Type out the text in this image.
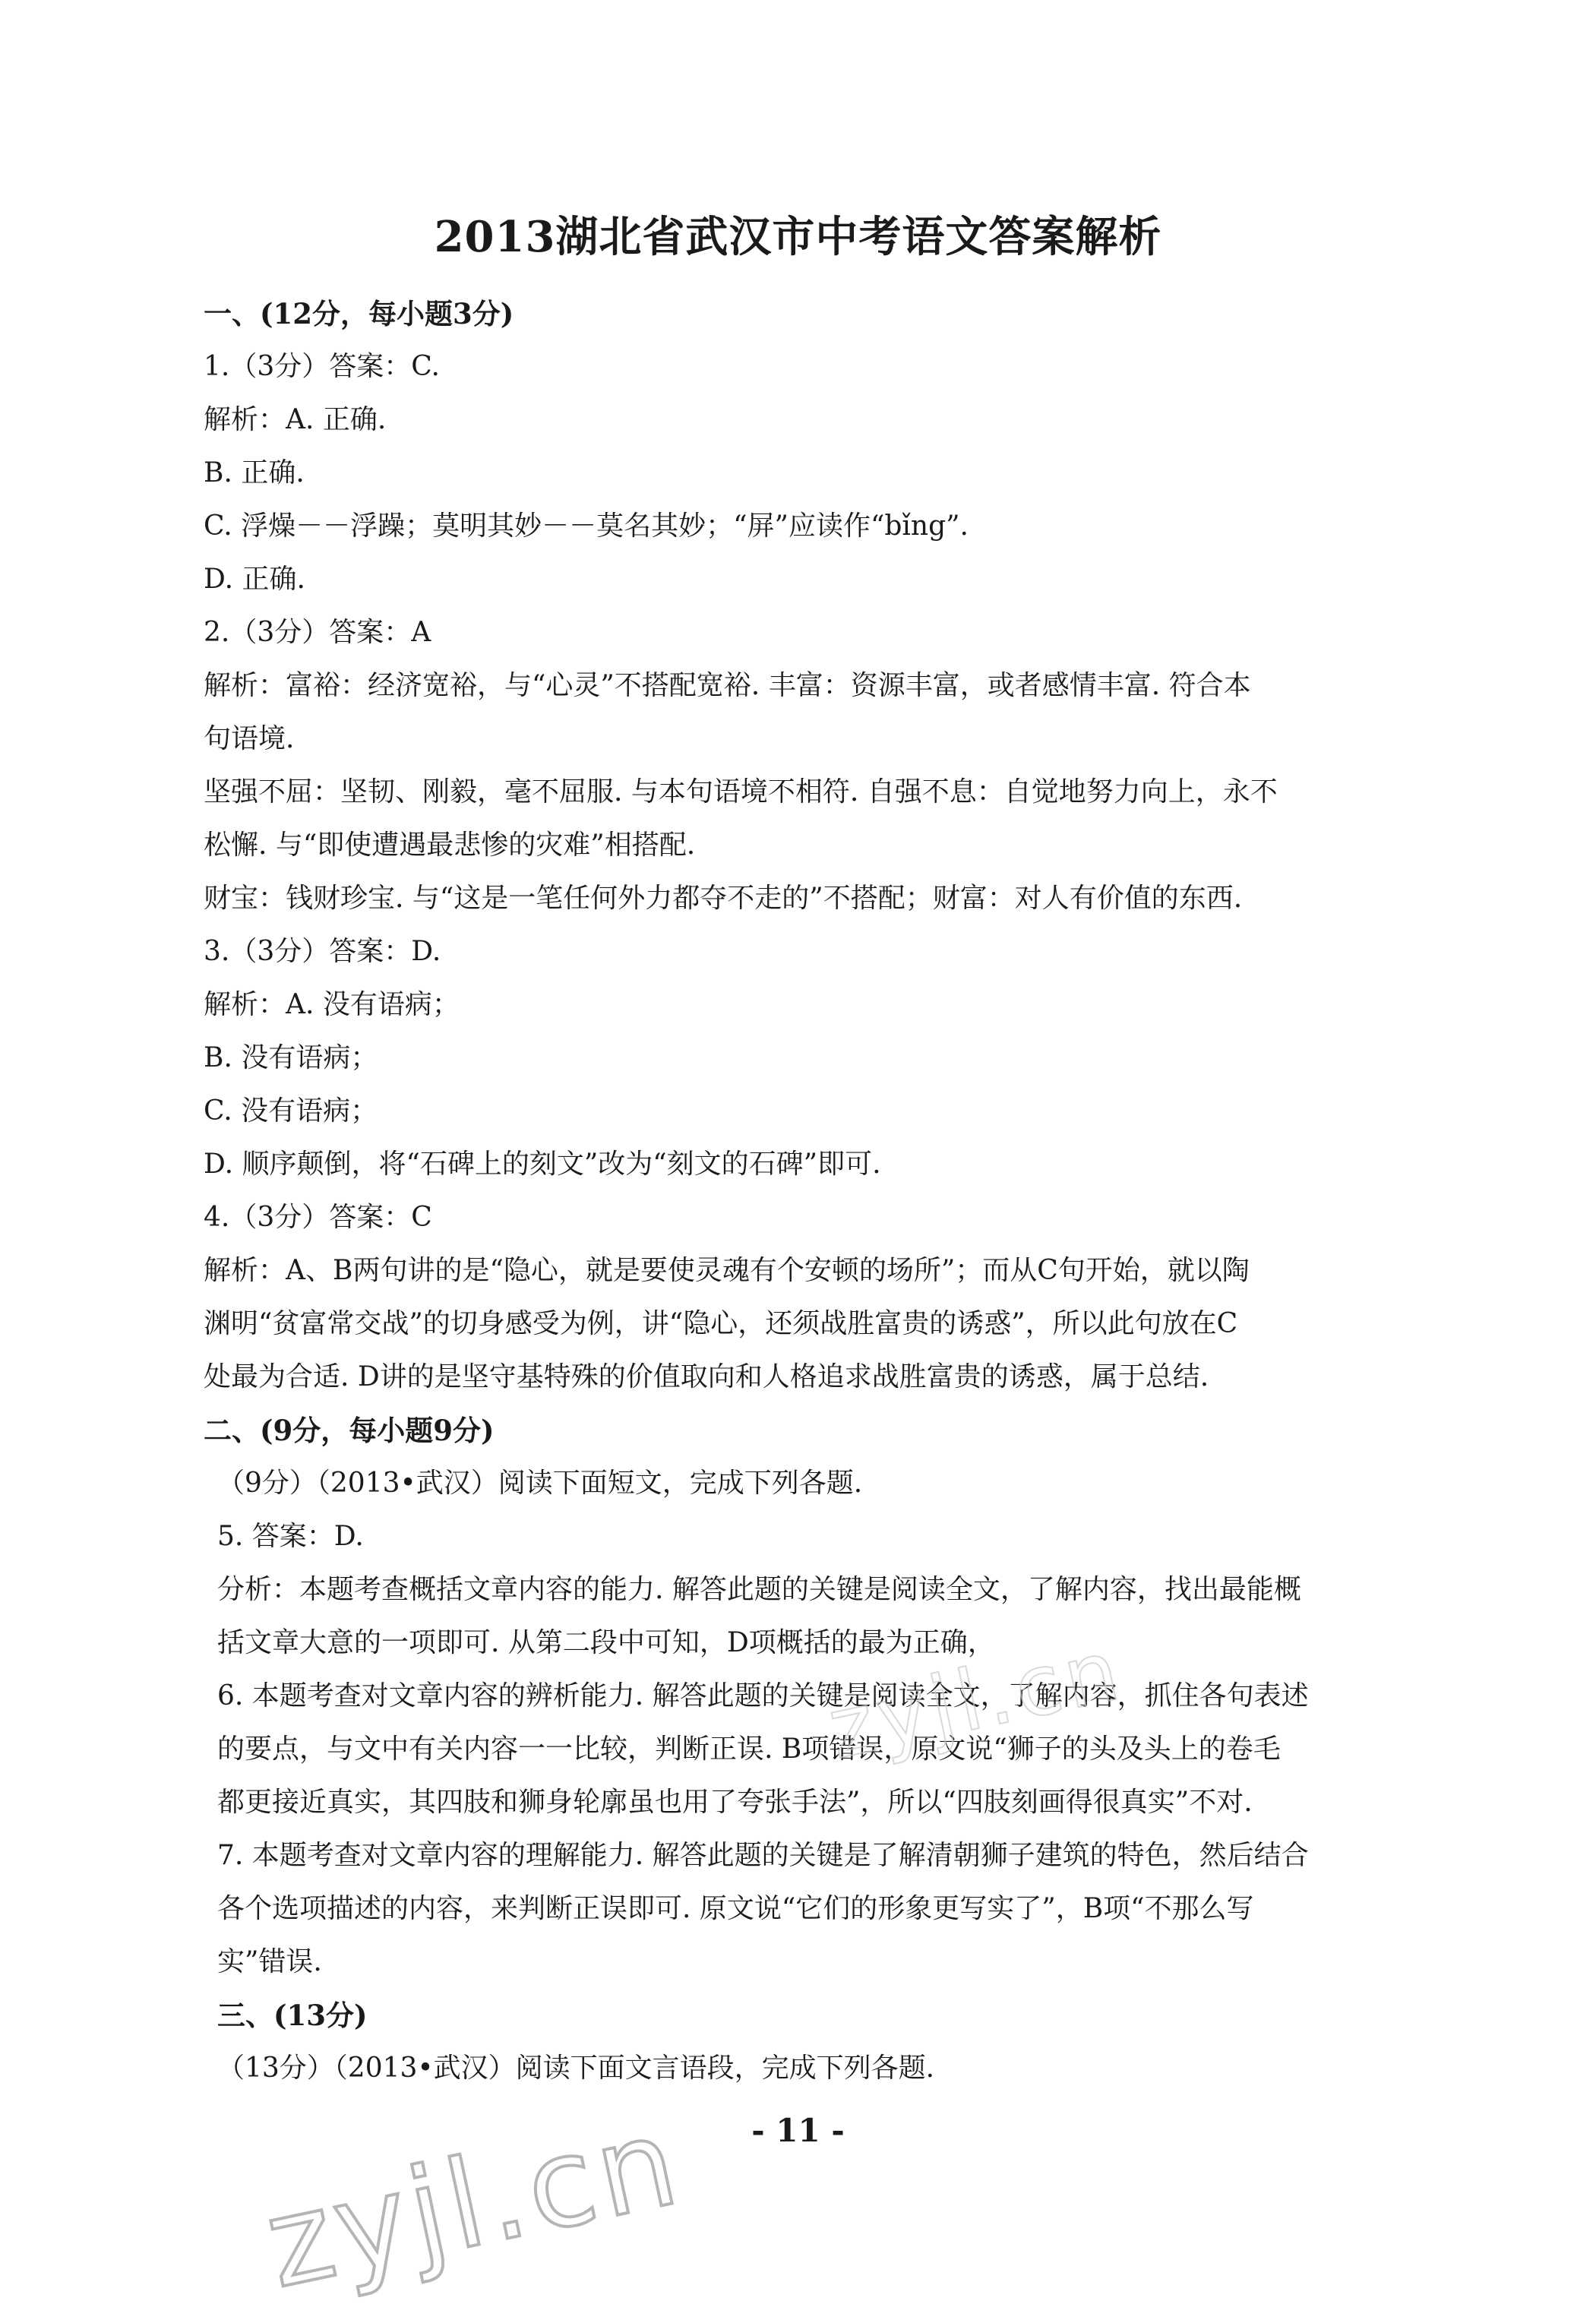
2013湖北省武汉市中考语文答案解析

一、(12分，每小题3分)

1.（3分）答案：C.

解析：A. 正确.

B. 正确.

C. 浮燥－－浮躁；莫明其妙－－莫名其妙；“屏”应读作“bǐng”.

D. 正确.

2.（3分）答案：A

解析：富裕：经济宽裕，与“心灵”不搭配宽裕. 丰富：资源丰富，或者感情丰富. 符合本

句语境.

坚强不屈：坚韧、刚毅，毫不屈服. 与本句语境不相符. 自强不息：自觉地努力向上，永不

松懈. 与“即使遭遇最悲惨的灾难”相搭配.

财宝：钱财珍宝. 与“这是一笔任何外力都夺不走的”不搭配；财富：对人有价值的东西.

3.（3分）答案：D.

解析：A. 没有语病；

B. 没有语病；

C. 没有语病；

D. 顺序颠倒，将“石碑上的刻文”改为“刻文的石碑”即可.

4.（3分）答案：C

解析：A、B两句讲的是“隐心，就是要使灵魂有个安顿的场所”；而从C句开始，就以陶

渊明“贫富常交战”的切身感受为例，讲“隐心，还须战胜富贵的诱惑”，所以此句放在C

处最为合适. D讲的是坚守基特殊的价值取向和人格追求战胜富贵的诱惑，属于总结.

二、(9分，每小题9分)

（9分）（2013•武汉）阅读下面短文，完成下列各题.

5. 答案：D.

分析：本题考查概括文章内容的能力. 解答此题的关键是阅读全文，了解内容，找出最能概

括文章大意的一项即可. 从第二段中可知，D项概括的最为正确，

6. 本题考查对文章内容的辨析能力. 解答此题的关键是阅读全文，了解内容，抓住各句表述

的要点，与文中有关内容一一比较，判断正误. B项错误，原文说“狮子的头及头上的卷毛

都更接近真实，其四肢和狮身轮廓虽也用了夸张手法”，所以“四肢刻画得很真实”不对.

7. 本题考查对文章内容的理解能力. 解答此题的关键是了解清朝狮子建筑的特色，然后结合

各个选项描述的内容，来判断正误即可. 原文说“它们的形象更写实了”，B项“不那么写

实”错误.

三、(13分)

（13分）（2013•武汉）阅读下面文言语段，完成下列各题.

- 11 -
zyjl.cn
zyjl.cn
